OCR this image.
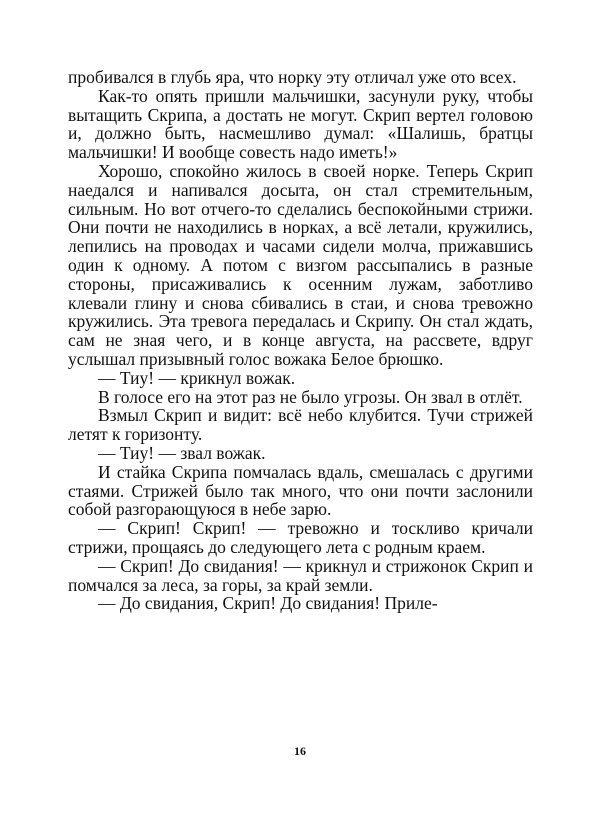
пробивался в глубь яра, что норку эту отличал уже ото всех.

Как-то опять пришли мальчишки, засунули руку, чтобы вытащить Скрипа, а достать не могут. Скрип вертел головою и, должно быть, насмешливо думал: «Шалишь, братцы мальчишки! И вообще совесть надо иметь!»

Хорошо, спокойно жилось в своей норке. Теперь Скрип наедался и напивался досыта, он стал стремительным, сильным. Но вот отчего-то сделались беспокойными стрижи. Они почти не находились в норках, а всё летали, кружились, лепились на проводах и часами сидели молча, прижавшись один к одному. А потом с визгом рассыпались в разные стороны, присаживались к осенним лужам, заботливо клевали глину и снова сбивались в стаи, и снова тревожно кружились. Эта тревога передалась и Скрипу. Он стал ждать, сам не зная чего, и в конце августа, на рассвете, вдруг услышал призывный голос вожака Белое брюшко.

— Тиу! — крикнул вожак.

В голосе его на этот раз не было угрозы. Он звал в отлёт.

Взмыл Скрип и видит: всё небо клубится. Тучи стрижей летят к горизонту.

— Тиу! — звал вожак.

И стайка Скрипа помчалась вдаль, смешалась с другими стаями. Стрижей было так много, что они почти заслонили собой разгорающуюся в небе зарю.

— Скрип! Скрип! — тревожно и тоскливо кричали стрижи, прощаясь до следующего лета с родным краем.

— Скрип! До свидания! — крикнул и стрижонок Скрип и помчался за леса, за горы, за край земли.

— До свидания, Скрип! До свидания! Приле-

16
